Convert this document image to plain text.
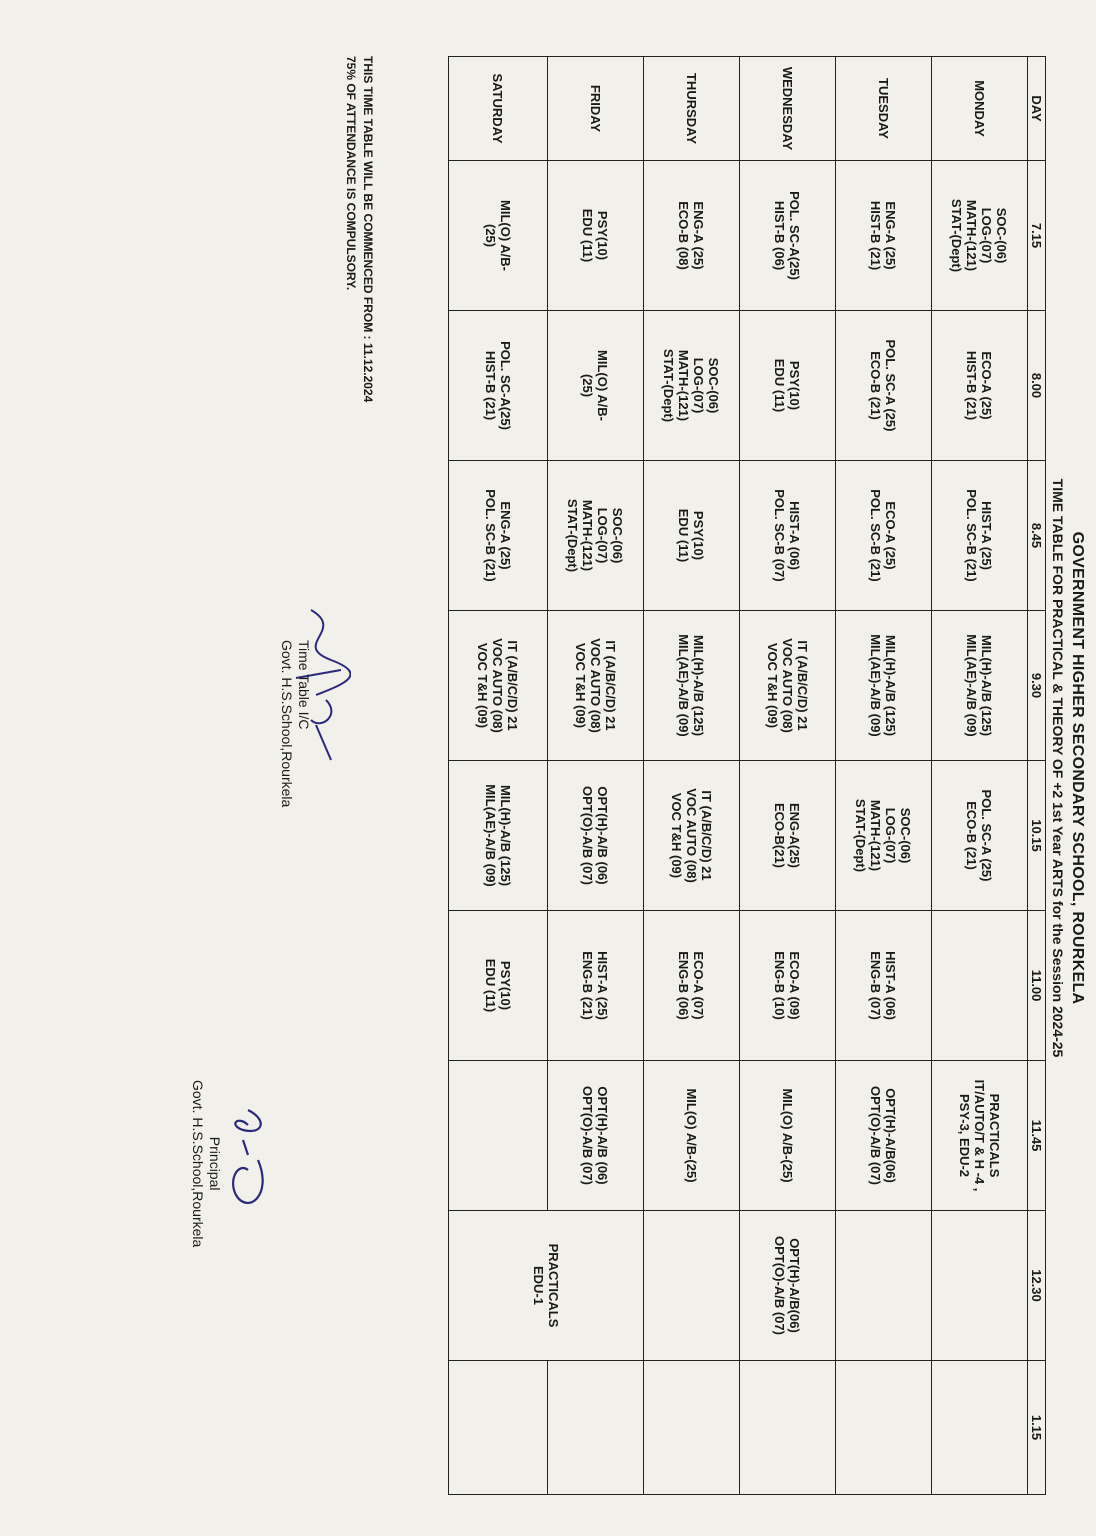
GOVERNMENT HIGHER SECONDARY SCHOOL, ROURKELA
TIME TABLE FOR PRACTICAL & THEORY OF +2 1st Year ARTS for the Session 2024-25
DAY	7.15	8.00	8.45	9.30	10.15	11.00	11.45	12.30	1.15
MONDAY	SOC-(06)
LOG-(07)
MATH-(121)
STAT-(Dept)	ECO-A (25)
HIST-B (21)	HIST-A (25)
POL. SC-B (21)	MIL(H)-A/B (125)
MIL(AE)-A/B (09)	POL. SC-A (25)
ECO-B (21)		PRACTICALS
IT/AUTO/T & H -4 ,
PSY-3, EDU-2		

TUESDAY	ENG-A (25)
HIST-B (21)	POL. SC-A (25)
ECO-B (21)	ECO-A (25)
POL. SC-B (21)	MIL(H)-A/B (125)
MIL(AE)-A/B (09)	SOC-(06)
LOG-(07)
MATH-(121)
STAT-(Dept)	HIST-A (06)
ENG-B (07)	OPT(H)-A/B(06)
OPT(O)-A/B (07)		

WEDNESDAY	POL. SC-A(25)
HIST-B (06)	PSY(10)
EDU (11)	HIST-A (06)
POL. SC-B (07)	IT (A/B/C/D) 21
VOC AUTO (08)
VOC T&H (09)	ENG-A(25)
ECO-B(21)	ECO-A (09)
ENG-B (10)	MIL(O) A/B-(25)	OPT(H)-A/B(06)
OPT(O)-A/B (07)	

THURSDAY	ENG-A (25)
ECO-B (08)	SOC-(06)
LOG-(07)
MATH-(121)
STAT-(Dept)	PSY(10)
EDU (11)	MIL(H)-A/B (125)
MIL(AE)-A/B (09)	IT (A/B/C/D) 21
VOC AUTO (08)
VOC T&H (09)	ECO-A (07)
ENG-B (06)	MIL(O) A/B-(25)		

FRIDAY	PSY(10)
EDU (11)	MIL(O) A/B-
(25)	SOC-(06)
LOG-(07)
MATH-(121)
STAT-(Dept)	IT (A/B/C/D) 21
VOC AUTO (08)
VOC T&H (09)	OPT(H)-A/B (06)
OPT(O)-A/B (07)	HIST-A (25)
ENG-B (21)	OPT(H)-A/B (06)
OPT(O)-A/B (07)	PRACTICALS
EDU-1	

SATURDAY	MIL(O) A/B-
(25)	POL. SC-A(25)
HIST-B (21)	ENG-A (25)
POL. SC-B (21)	IT (A/B/C/D) 21
VOC AUTO (08)
VOC T&H (09)	MIL(H)-A/B (125)
MIL(AE)-A/B (09)	PSY(10)
EDU (11)			

THIS TIME TABLE WILL BE COMMENCED FROM : 11.12.2024
75% OF ATTENDANCE IS COMPULSORY.
Time Table I/C
Govt. H.S.School,Rourkela
Principal
Govt. H.S.School,Rourkela
